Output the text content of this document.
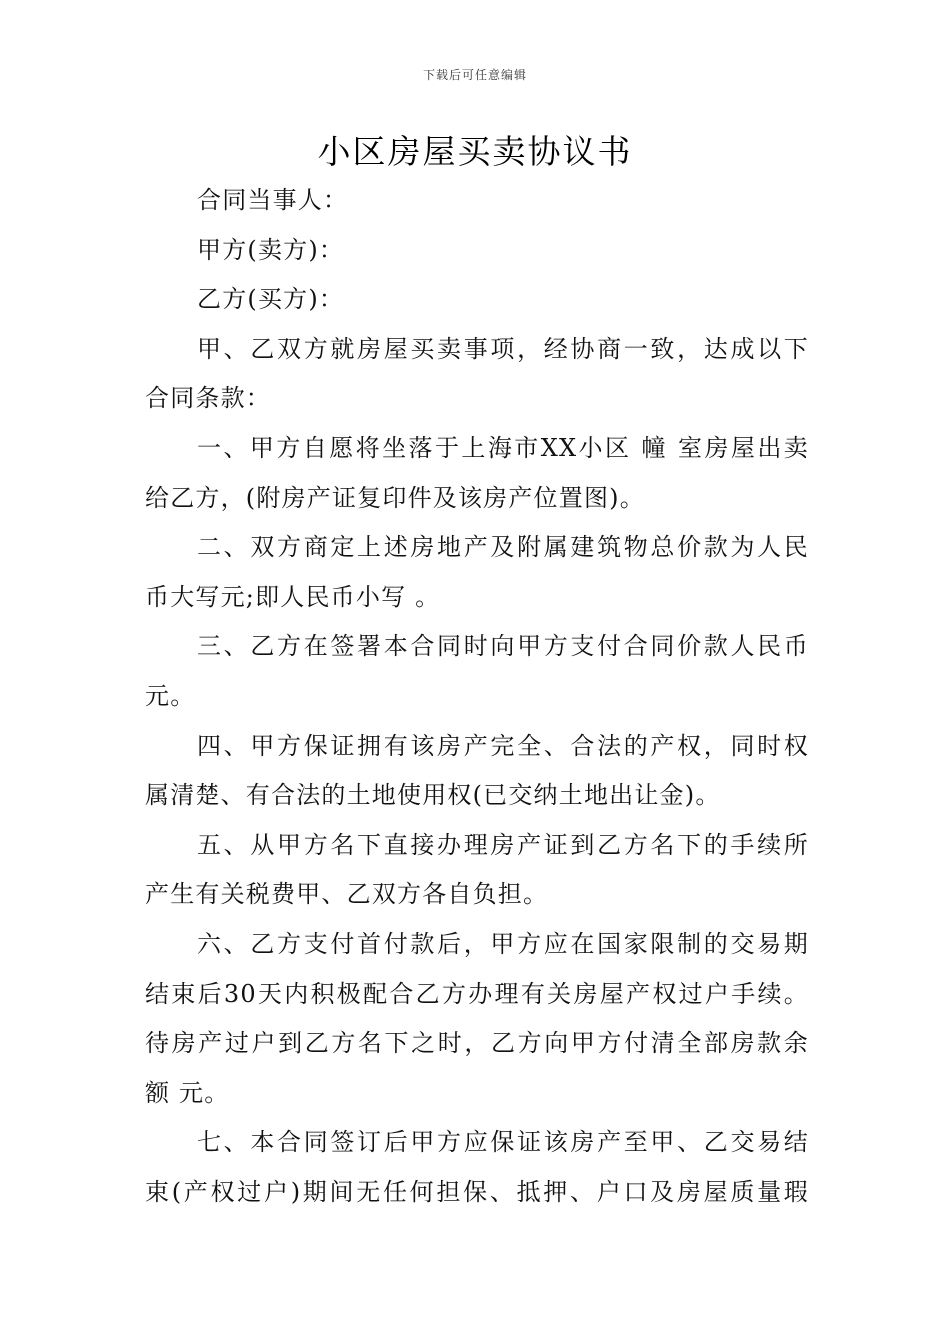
下载后可任意编辑
小区房屋买卖协议书

合同当事人：

甲方(卖方)：

乙方(买方)：

甲、乙双方就房屋买卖事项，经协商一致，达成以下

合同条款：

一、甲方自愿将坐落于上海市XX小区 幢 室房屋出卖

给乙方，(附房产证复印件及该房产位置图)。

二、双方商定上述房地产及附属建筑物总价款为人民

币大写元;即人民币小写 。

三、乙方在签署本合同时向甲方支付合同价款人民币

元。

四、甲方保证拥有该房产完全、合法的产权，同时权

属清楚、有合法的土地使用权(已交纳土地出让金)。

五、从甲方名下直接办理房产证到乙方名下的手续所

产生有关税费甲、乙双方各自负担。

六、乙方支付首付款后，甲方应在国家限制的交易期

结束后30天内积极配合乙方办理有关房屋产权过户手续。

待房产过户到乙方名下之时，乙方向甲方付清全部房款余

额 元。

七、本合同签订后甲方应保证该房产至甲、乙交易结

束(产权过户)期间无任何担保、抵押、户口及房屋质量瑕
